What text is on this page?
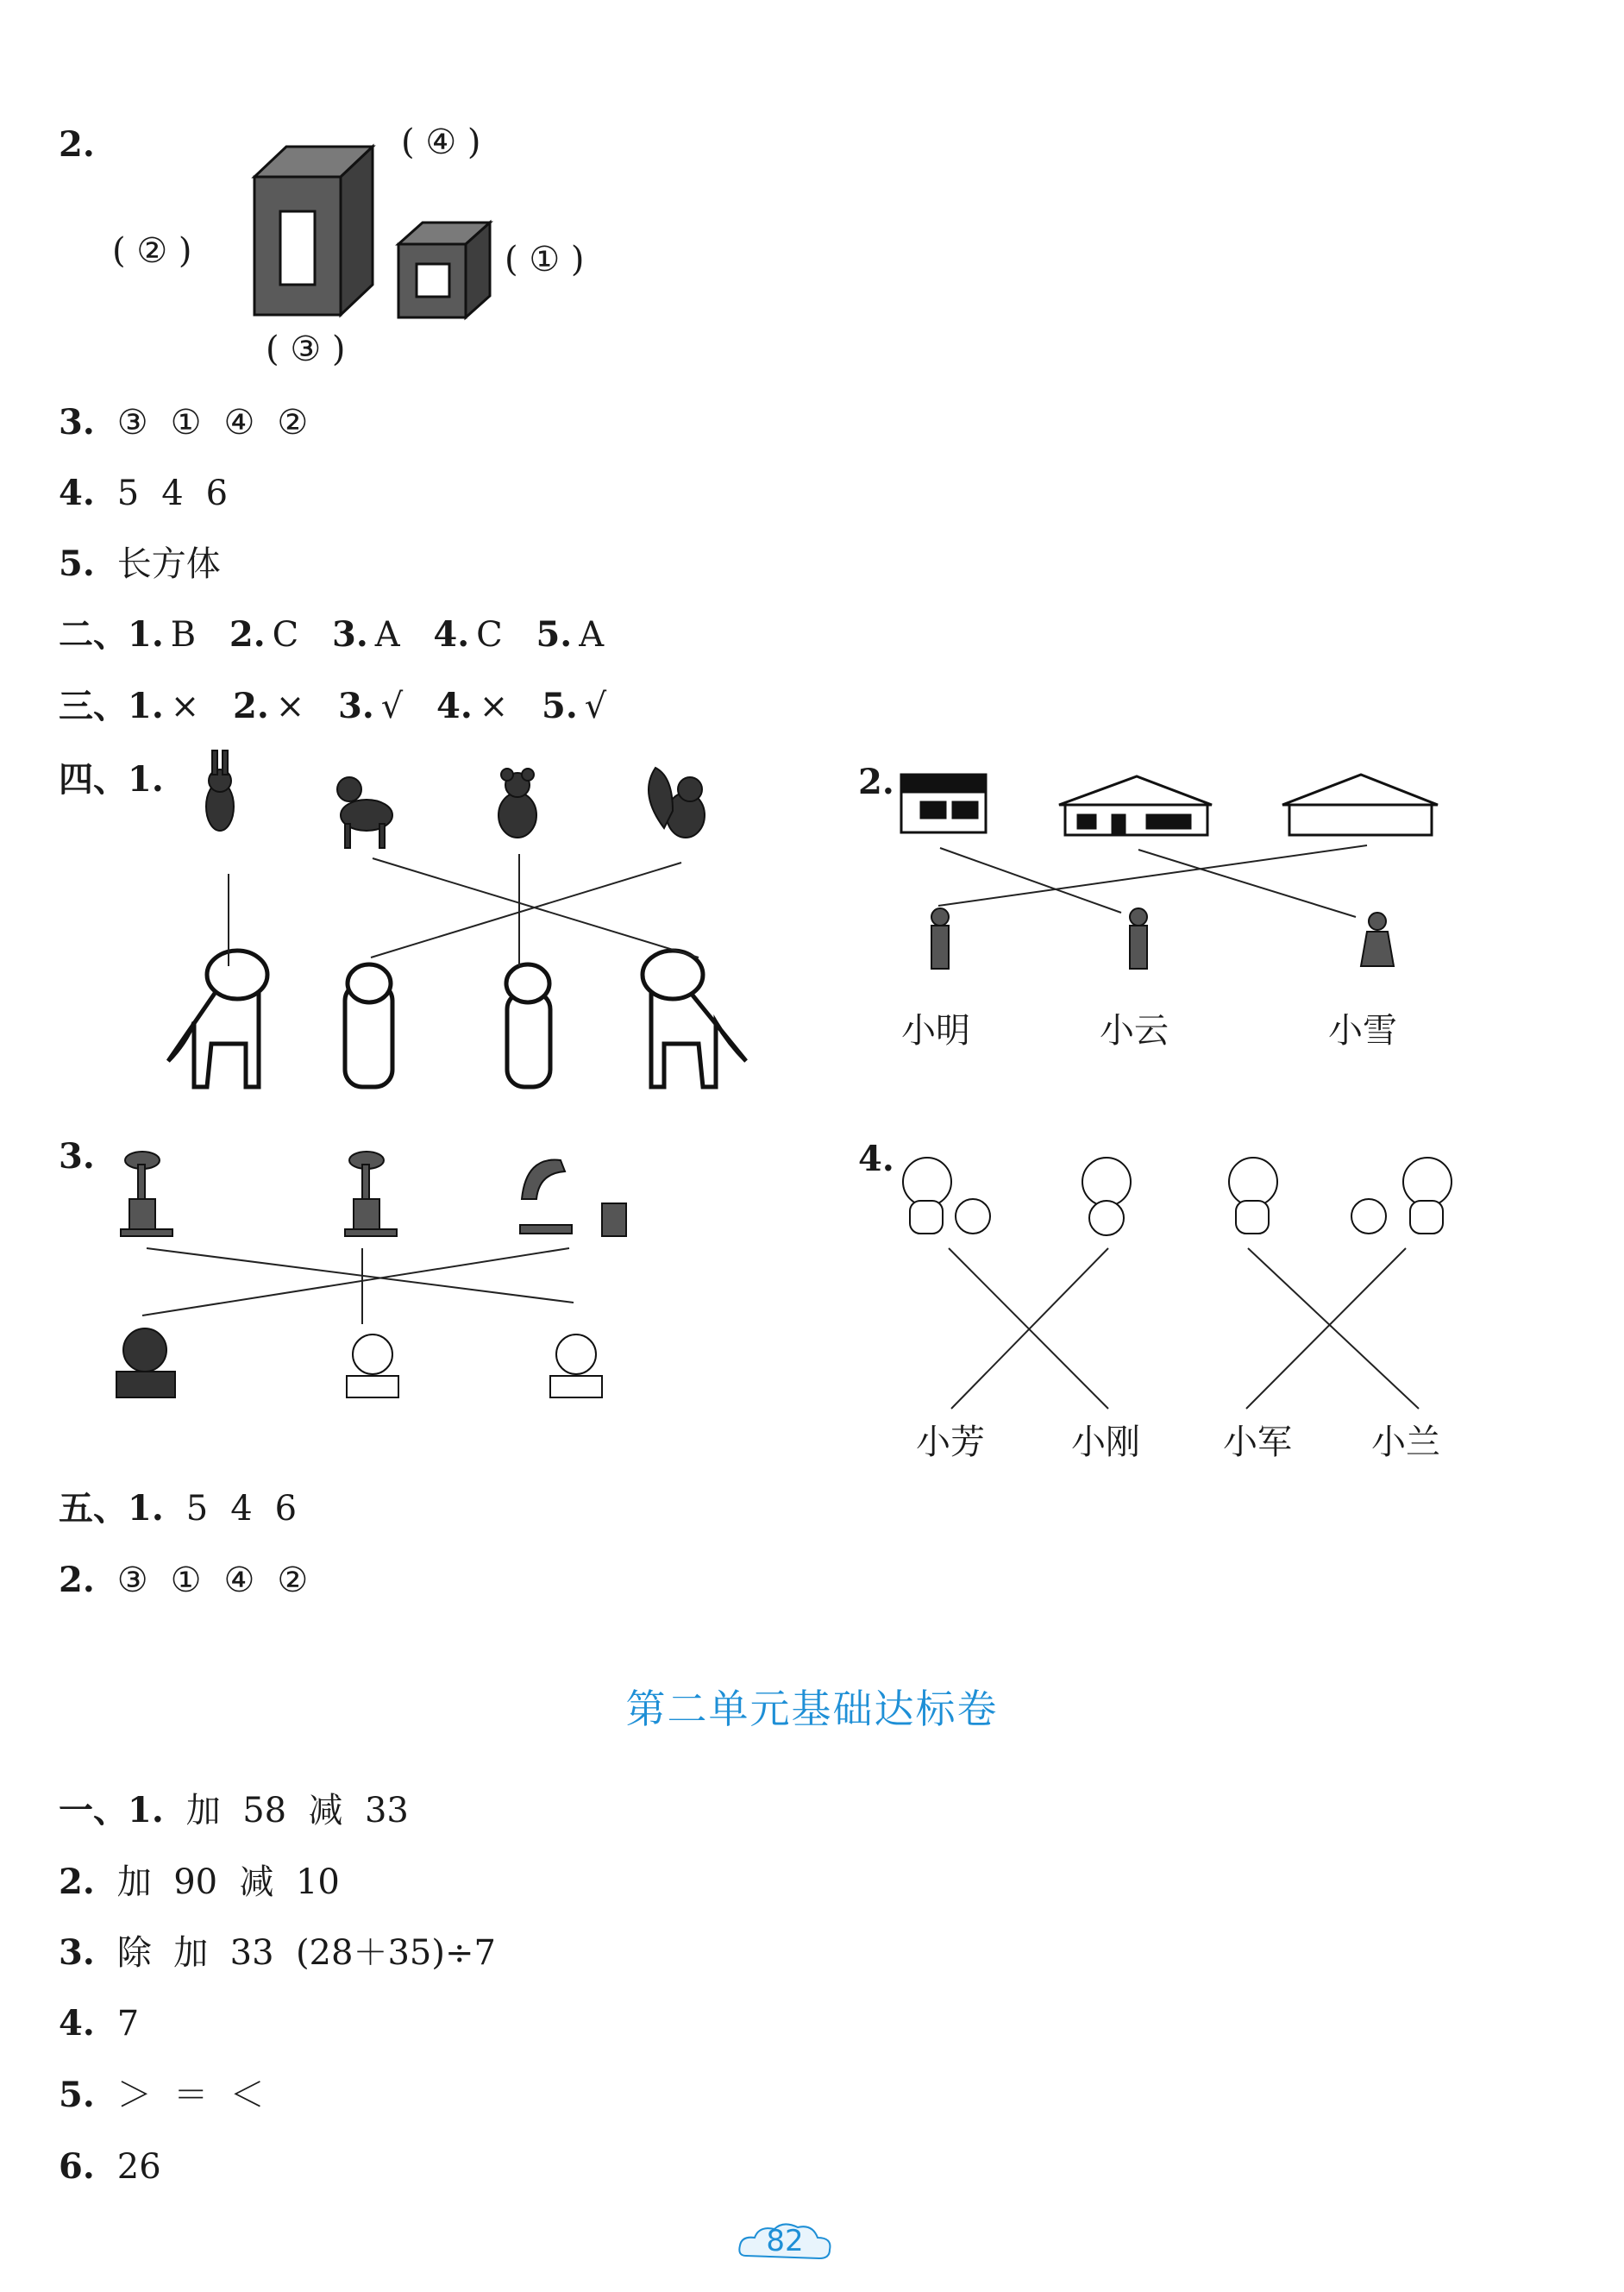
2.	( ④ )
( ② )	( ① )
( ③ )
3. ③ ① ④ ②
4. 5 4 6
5. 长方体
二、1. B 2. C 3. A 4. C 5. A
三、1. × 2. × 3. √ 4. × 5. √
四、1.	2.
小明	小云	小雪
3.	4.
小芳	小刚 小军 小兰
五、1. 5 4 6
2. ③ ① ④ ②
第二单元基础达标卷
一、1. 加  58  减  33
2. 加  90  减  10
3. 除  加  33  (28＋35)÷7
4. 7
5. ＞  ＝  ＜
6. 26
82
